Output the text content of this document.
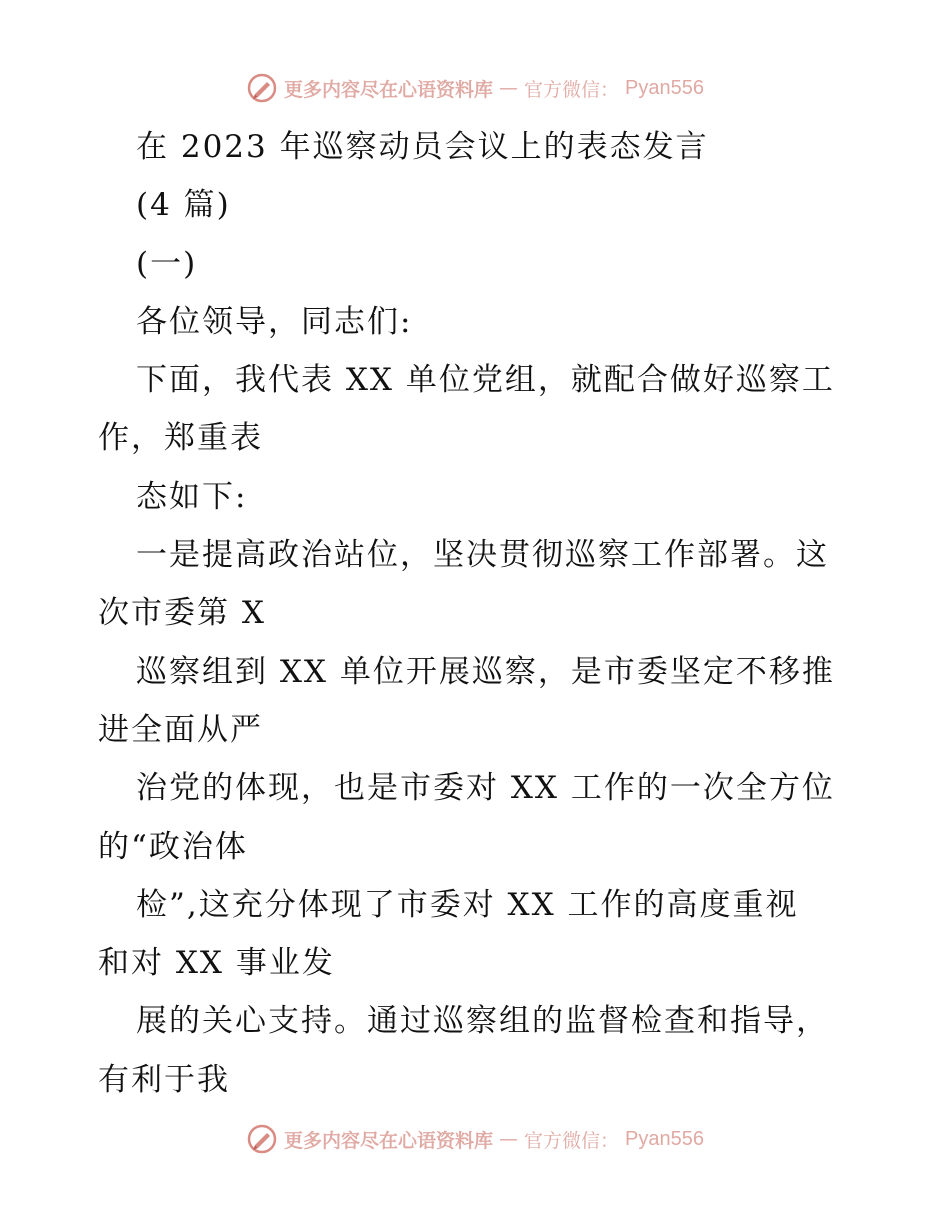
更多内容尽在心语资料库 — 官方微信： Pyan556
在 2023 年巡察动员会议上的表态发言
(4 篇)
(一)
各位领导，同志们:
下面，我代表 XX 单位党组，就配合做好巡察工
作，郑重表
态如下:
一是提高政治站位，坚决贯彻巡察工作部署。这
次市委第 X
巡察组到 XX 单位开展巡察，是市委坚定不移推
进全面从严
治党的体现，也是市委对 XX 工作的一次全方位
的“政治体
检”,这充分体现了市委对 XX 工作的高度重视
和对 XX 事业发
展的关心支持。通过巡察组的监督检查和指导，
有利于我
更多内容尽在心语资料库 — 官方微信： Pyan556
